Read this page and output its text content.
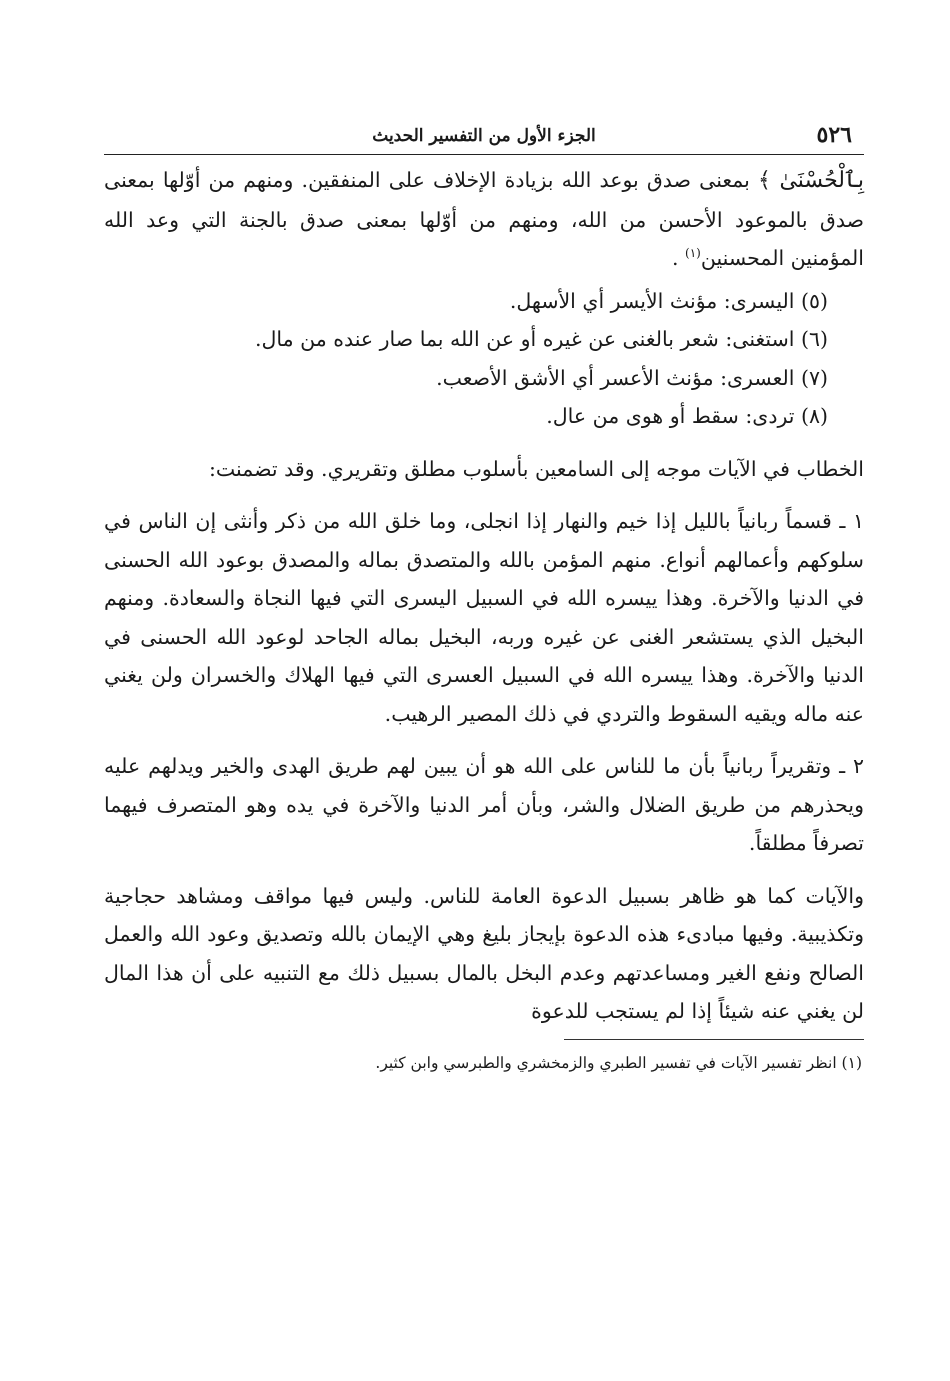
٥٢٦
الجزء الأول من التفسير الحديث

بِٱلْحُسْنَىٰ ﴾ بمعنى صدق بوعد الله بزيادة الإخلاف على المنفقين. ومنهم من أوّلها بمعنى صدق بالموعود الأحسن من الله، ومنهم من أوّلها بمعنى صدق بالجنة التي وعد الله المؤمنين المحسنين$^{(١)}$ .

(٥) اليسرى: مؤنث الأيسر أي الأسهل.
(٦) استغنى: شعر بالغنى عن غيره أو عن الله بما صار عنده من مال.
(٧) العسرى: مؤنث الأعسر أي الأشق الأصعب.
(٨) تردى: سقط أو هوى من عال.

الخطاب في الآيات موجه إلى السامعين بأسلوب مطلق وتقريري. وقد تضمنت:

١ ـ قسماً ربانياً بالليل إذا خيم والنهار إذا انجلى، وما خلق الله من ذكر وأنثى إن الناس في سلوكهم وأعمالهم أنواع. منهم المؤمن بالله والمتصدق بماله والمصدق بوعود الله الحسنى في الدنيا والآخرة. وهذا ييسره الله في السبيل اليسرى التي فيها النجاة والسعادة. ومنهم البخيل الذي يستشعر الغنى عن غيره وربه، البخيل بماله الجاحد لوعود الله الحسنى في الدنيا والآخرة. وهذا ييسره الله في السبيل العسرى التي فيها الهلاك والخسران ولن يغني عنه ماله ويقيه السقوط والتردي في ذلك المصير الرهيب.

٢ ـ وتقريراً ربانياً بأن ما للناس على الله هو أن يبين لهم طريق الهدى والخير ويدلهم عليه ويحذرهم من طريق الضلال والشر، وبأن أمر الدنيا والآخرة في يده وهو المتصرف فيهما تصرفاً مطلقاً.

والآيات كما هو ظاهر بسبيل الدعوة العامة للناس. وليس فيها مواقف ومشاهد حجاجية وتكذيبية. وفيها مبادىء هذه الدعوة بإيجاز بليغ وهي الإيمان بالله وتصديق وعود الله والعمل الصالح ونفع الغير ومساعدتهم وعدم البخل بالمال بسبيل ذلك مع التنبيه على أن هذا المال لن يغني عنه شيئاً إذا لم يستجب للدعوة

(١) انظر تفسير الآيات في تفسير الطبري والزمخشري والطبرسي وابن كثير.
